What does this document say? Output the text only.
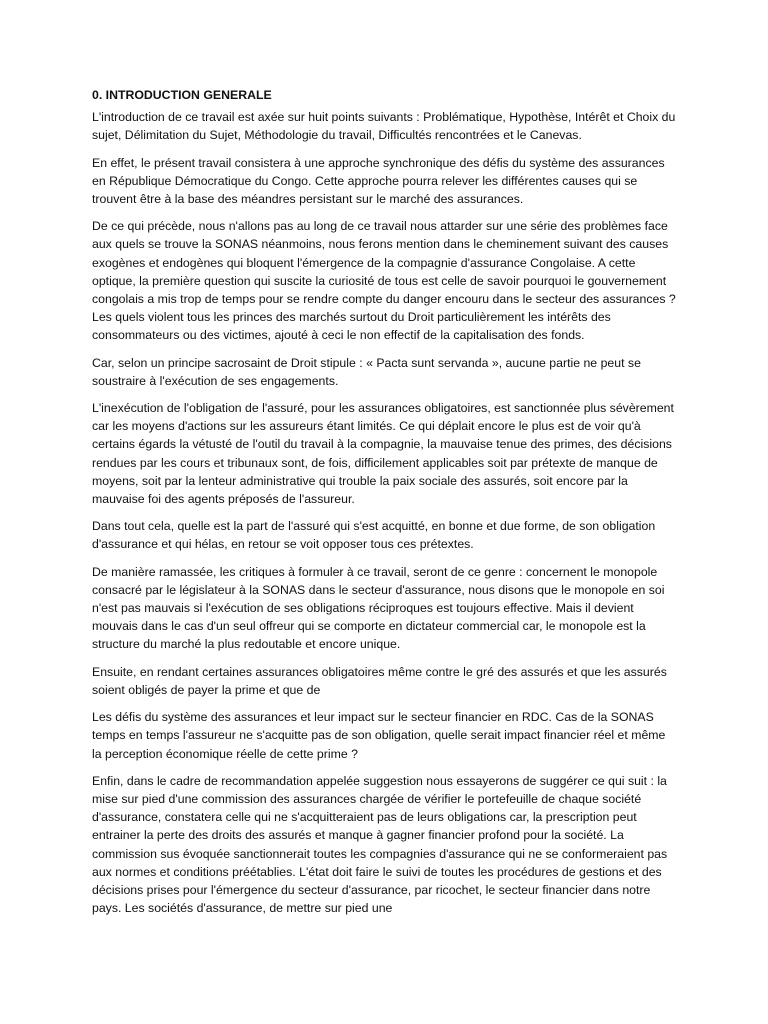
0. INTRODUCTION GENERALE

L'introduction de ce travail est axée sur huit points suivants : Problématique, Hypothèse, Intérêt et Choix du sujet, Délimitation du Sujet, Méthodologie du travail, Difficultés rencontrées et le Canevas.

En effet, le présent travail consistera à une approche synchronique des défis du système des assurances en République Démocratique du Congo. Cette approche pourra relever les différentes causes qui se trouvent être à la base des méandres persistant sur le marché des assurances.

De ce qui précède, nous n'allons pas au long de ce travail nous attarder sur une série des problèmes face aux quels se trouve la SONAS néanmoins, nous ferons mention dans le cheminement suivant des causes exogènes et endogènes qui bloquent l'émergence de la compagnie d'assurance Congolaise. A cette optique, la première question qui suscite la curiosité de tous est celle de savoir pourquoi le gouvernement congolais a mis trop de temps pour se rendre compte du danger encouru dans le secteur des assurances ? Les quels violent tous les princes des marchés surtout du Droit particulièrement les intérêts des consommateurs ou des victimes, ajouté à ceci le non effectif de la capitalisation des fonds.

Car, selon un principe sacrosaint de Droit stipule : « Pacta sunt servanda », aucune partie ne peut se soustraire à l'exécution de ses engagements.

L'inexécution de l'obligation de l'assuré, pour les assurances obligatoires, est sanctionnée plus sévèrement car les moyens d'actions sur les assureurs étant limités. Ce qui déplait encore le plus est de voir qu'à certains égards la vétusté de l'outil du travail à la compagnie, la mauvaise tenue des primes, des décisions rendues par les cours et tribunaux sont, de fois, difficilement applicables soit par prétexte de manque de moyens, soit par la lenteur administrative qui trouble la paix sociale des assurés, soit encore par la mauvaise foi des agents préposés de l'assureur.

Dans tout cela, quelle est la part de l'assuré qui s'est acquitté, en bonne et due forme, de son obligation d'assurance et qui hélas, en retour se voit opposer tous ces prétextes.

De manière ramassée, les critiques à formuler à ce travail, seront de ce genre : concernent le monopole consacré par le législateur à la SONAS dans le secteur d'assurance, nous disons que le monopole en soi n'est pas mauvais si l'exécution de ses obligations réciproques est toujours effective. Mais il devient mouvais dans le cas d'un seul offreur qui se comporte en dictateur commercial car, le monopole est la structure du marché la plus redoutable et encore unique.

Ensuite, en rendant certaines assurances obligatoires même contre le gré des assurés et que les assurés soient obligés de payer la prime et que de

Les défis du système des assurances et leur impact sur le secteur financier en RDC. Cas de la SONAS temps en temps l'assureur ne s'acquitte pas de son obligation, quelle serait impact financier réel et même la perception économique réelle de cette prime ?

Enfin, dans le cadre de recommandation appelée suggestion nous essayerons de suggérer ce qui suit : la mise sur pied d'une commission des assurances chargée de vérifier le portefeuille de chaque société d'assurance, constatera celle qui ne s'acquitteraient pas de leurs obligations car, la prescription peut entrainer la perte des droits des assurés et manque à gagner financier profond pour la société. La commission sus évoquée sanctionnerait toutes les compagnies d'assurance qui ne se conformeraient pas aux normes et conditions préétablies. L'état doit faire le suivi de toutes les procédures de gestions et des décisions prises pour l'émergence du secteur d'assurance, par ricochet, le secteur financier dans notre pays. Les sociétés d'assurance, de mettre sur pied une
